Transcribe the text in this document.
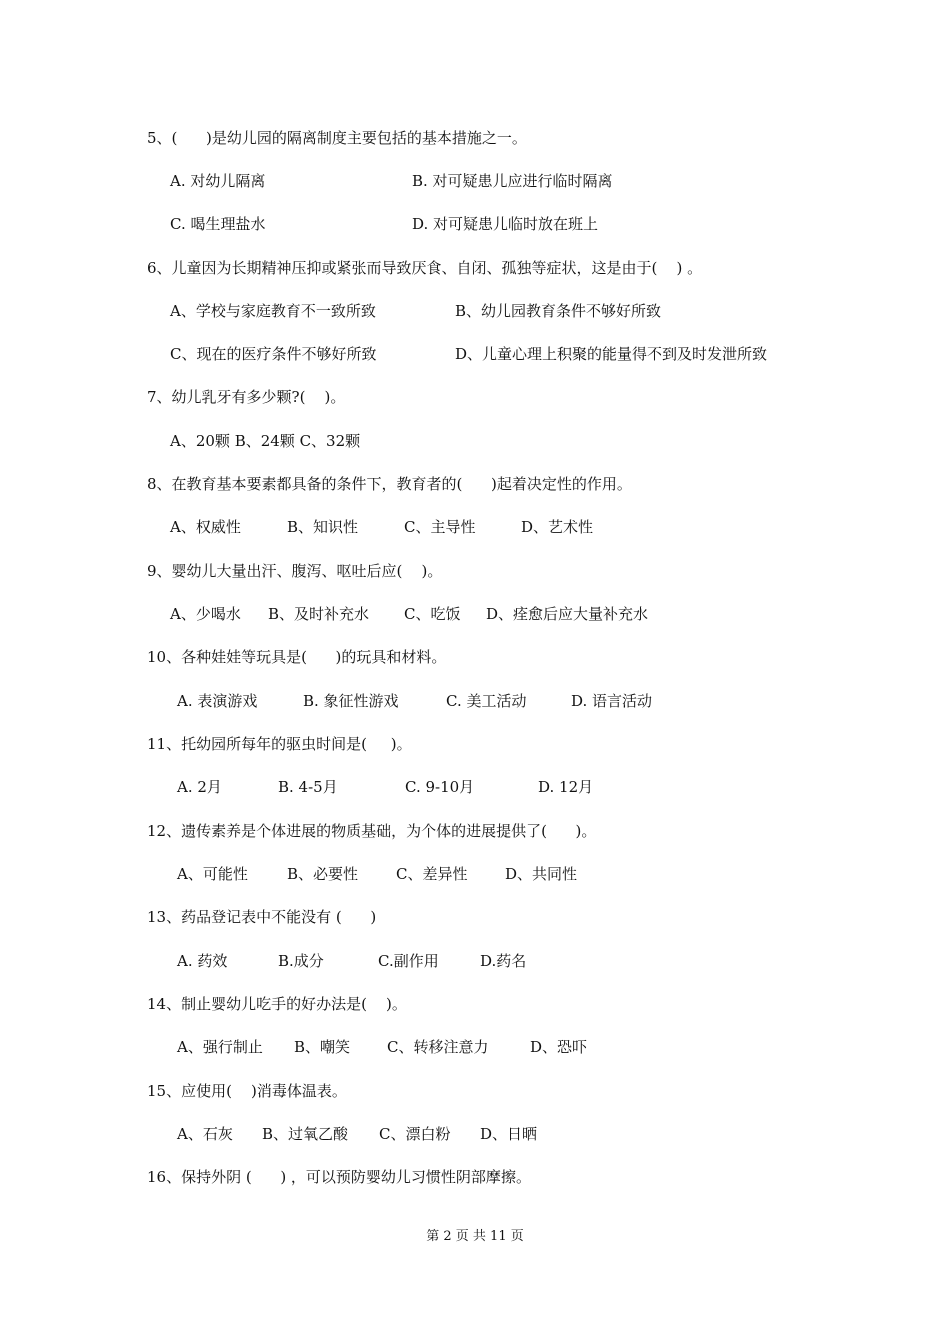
5、(      )是幼儿园的隔离制度主要包括的基本措施之一。
A. 对幼儿隔离	B. 对可疑患儿应进行临时隔离
C. 喝生理盐水	D. 对可疑患儿临时放在班上
6、儿童因为长期精神压抑或紧张而导致厌食、自闭、孤独等症状，这是由于(    ) 。
A、学校与家庭教育不一致所致	B、幼儿园教育条件不够好所致
C、现在的医疗条件不够好所致	D、儿童心理上积聚的能量得不到及时发泄所致
7、幼儿乳牙有多少颗?(    )。
A、20颗 B、24颗 C、32颗
8、在教育基本要素都具备的条件下，教育者的(      )起着决定性的作用。
A、权威性	B、知识性	C、主导性	D、艺术性
9、婴幼儿大量出汗、腹泻、呕吐后应(    )。
A、少喝水 B、及时补充水 C、吃饭 D、痊愈后应大量补充水
10、各种娃娃等玩具是(      )的玩具和材料。
A. 表演游戏	B. 象征性游戏	C. 美工活动	D. 语言活动
11、托幼园所每年的驱虫时间是(     )。
A. 2月	B. 4-5月	C. 9-10月	D. 12月
12、遗传素养是个体进展的物质基础，为个体的进展提供了(      )。
A、可能性	B、必要性	C、差异性	D、共同性
13、药品登记表中不能没有 (      )
A. 药效	B.成分	C.副作用	D.药名
14、制止婴幼儿吃手的好办法是(    )。
A、强行制止 B、嘲笑 C、转移注意力	D、恐吓
15、应使用(    )消毒体温表。
A、石灰 B、过氧乙酸 C、漂白粉 D、日晒
16、保持外阴 (      ) ，可以预防婴幼儿习惯性阴部摩擦。
第 2 页 共 11 页
